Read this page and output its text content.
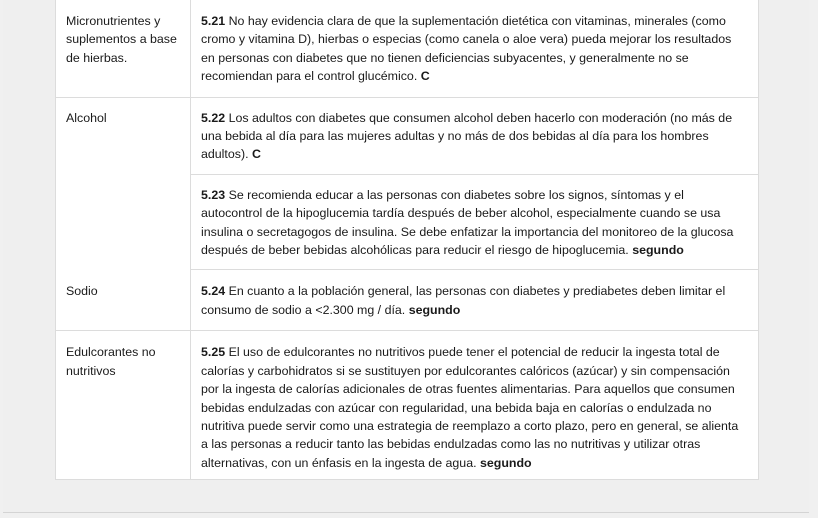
Micronutrientes y suplementos a base de hierbas.	5.21 No hay evidencia clara de que la suplementación dietética con vitaminas, minerales (como cromo y vitamina D), hierbas o especias (como canela o aloe vera) pueda mejorar los resultados en personas con diabetes que no tienen deficiencias subyacentes, y generalmente no se recomiendan para el control glucémico. C
Alcohol	5.22 Los adultos con diabetes que consumen alcohol deben hacerlo con moderación (no más de una bebida al día para las mujeres adultas y no más de dos bebidas al día para los hombres adultos). C
	5.23 Se recomienda educar a las personas con diabetes sobre los signos, síntomas y el autocontrol de la hipoglucemia tardía después de beber alcohol, especialmente cuando se usa insulina o secretagogos de insulina. Se debe enfatizar la importancia del monitoreo de la glucosa después de beber bebidas alcohólicas para reducir el riesgo de hipoglucemia. segundo
Sodio	5.24 En cuanto a la población general, las personas con diabetes y prediabetes deben limitar el consumo de sodio a <2.300 mg / día. segundo
Edulcorantes no nutritivos	5.25 El uso de edulcorantes no nutritivos puede tener el potencial de reducir la ingesta total de calorías y carbohidratos si se sustituyen por edulcorantes calóricos (azúcar) y sin compensación por la ingesta de calorías adicionales de otras fuentes alimentarias. Para aquellos que consumen bebidas endulzadas con azúcar con regularidad, una bebida baja en calorías o endulzada no nutritiva puede servir como una estrategia de reemplazo a corto plazo, pero en general, se alienta a las personas a reducir tanto las bebidas endulzadas como las no nutritivas y utilizar otras alternativas, con un énfasis en la ingesta de agua. segundo
